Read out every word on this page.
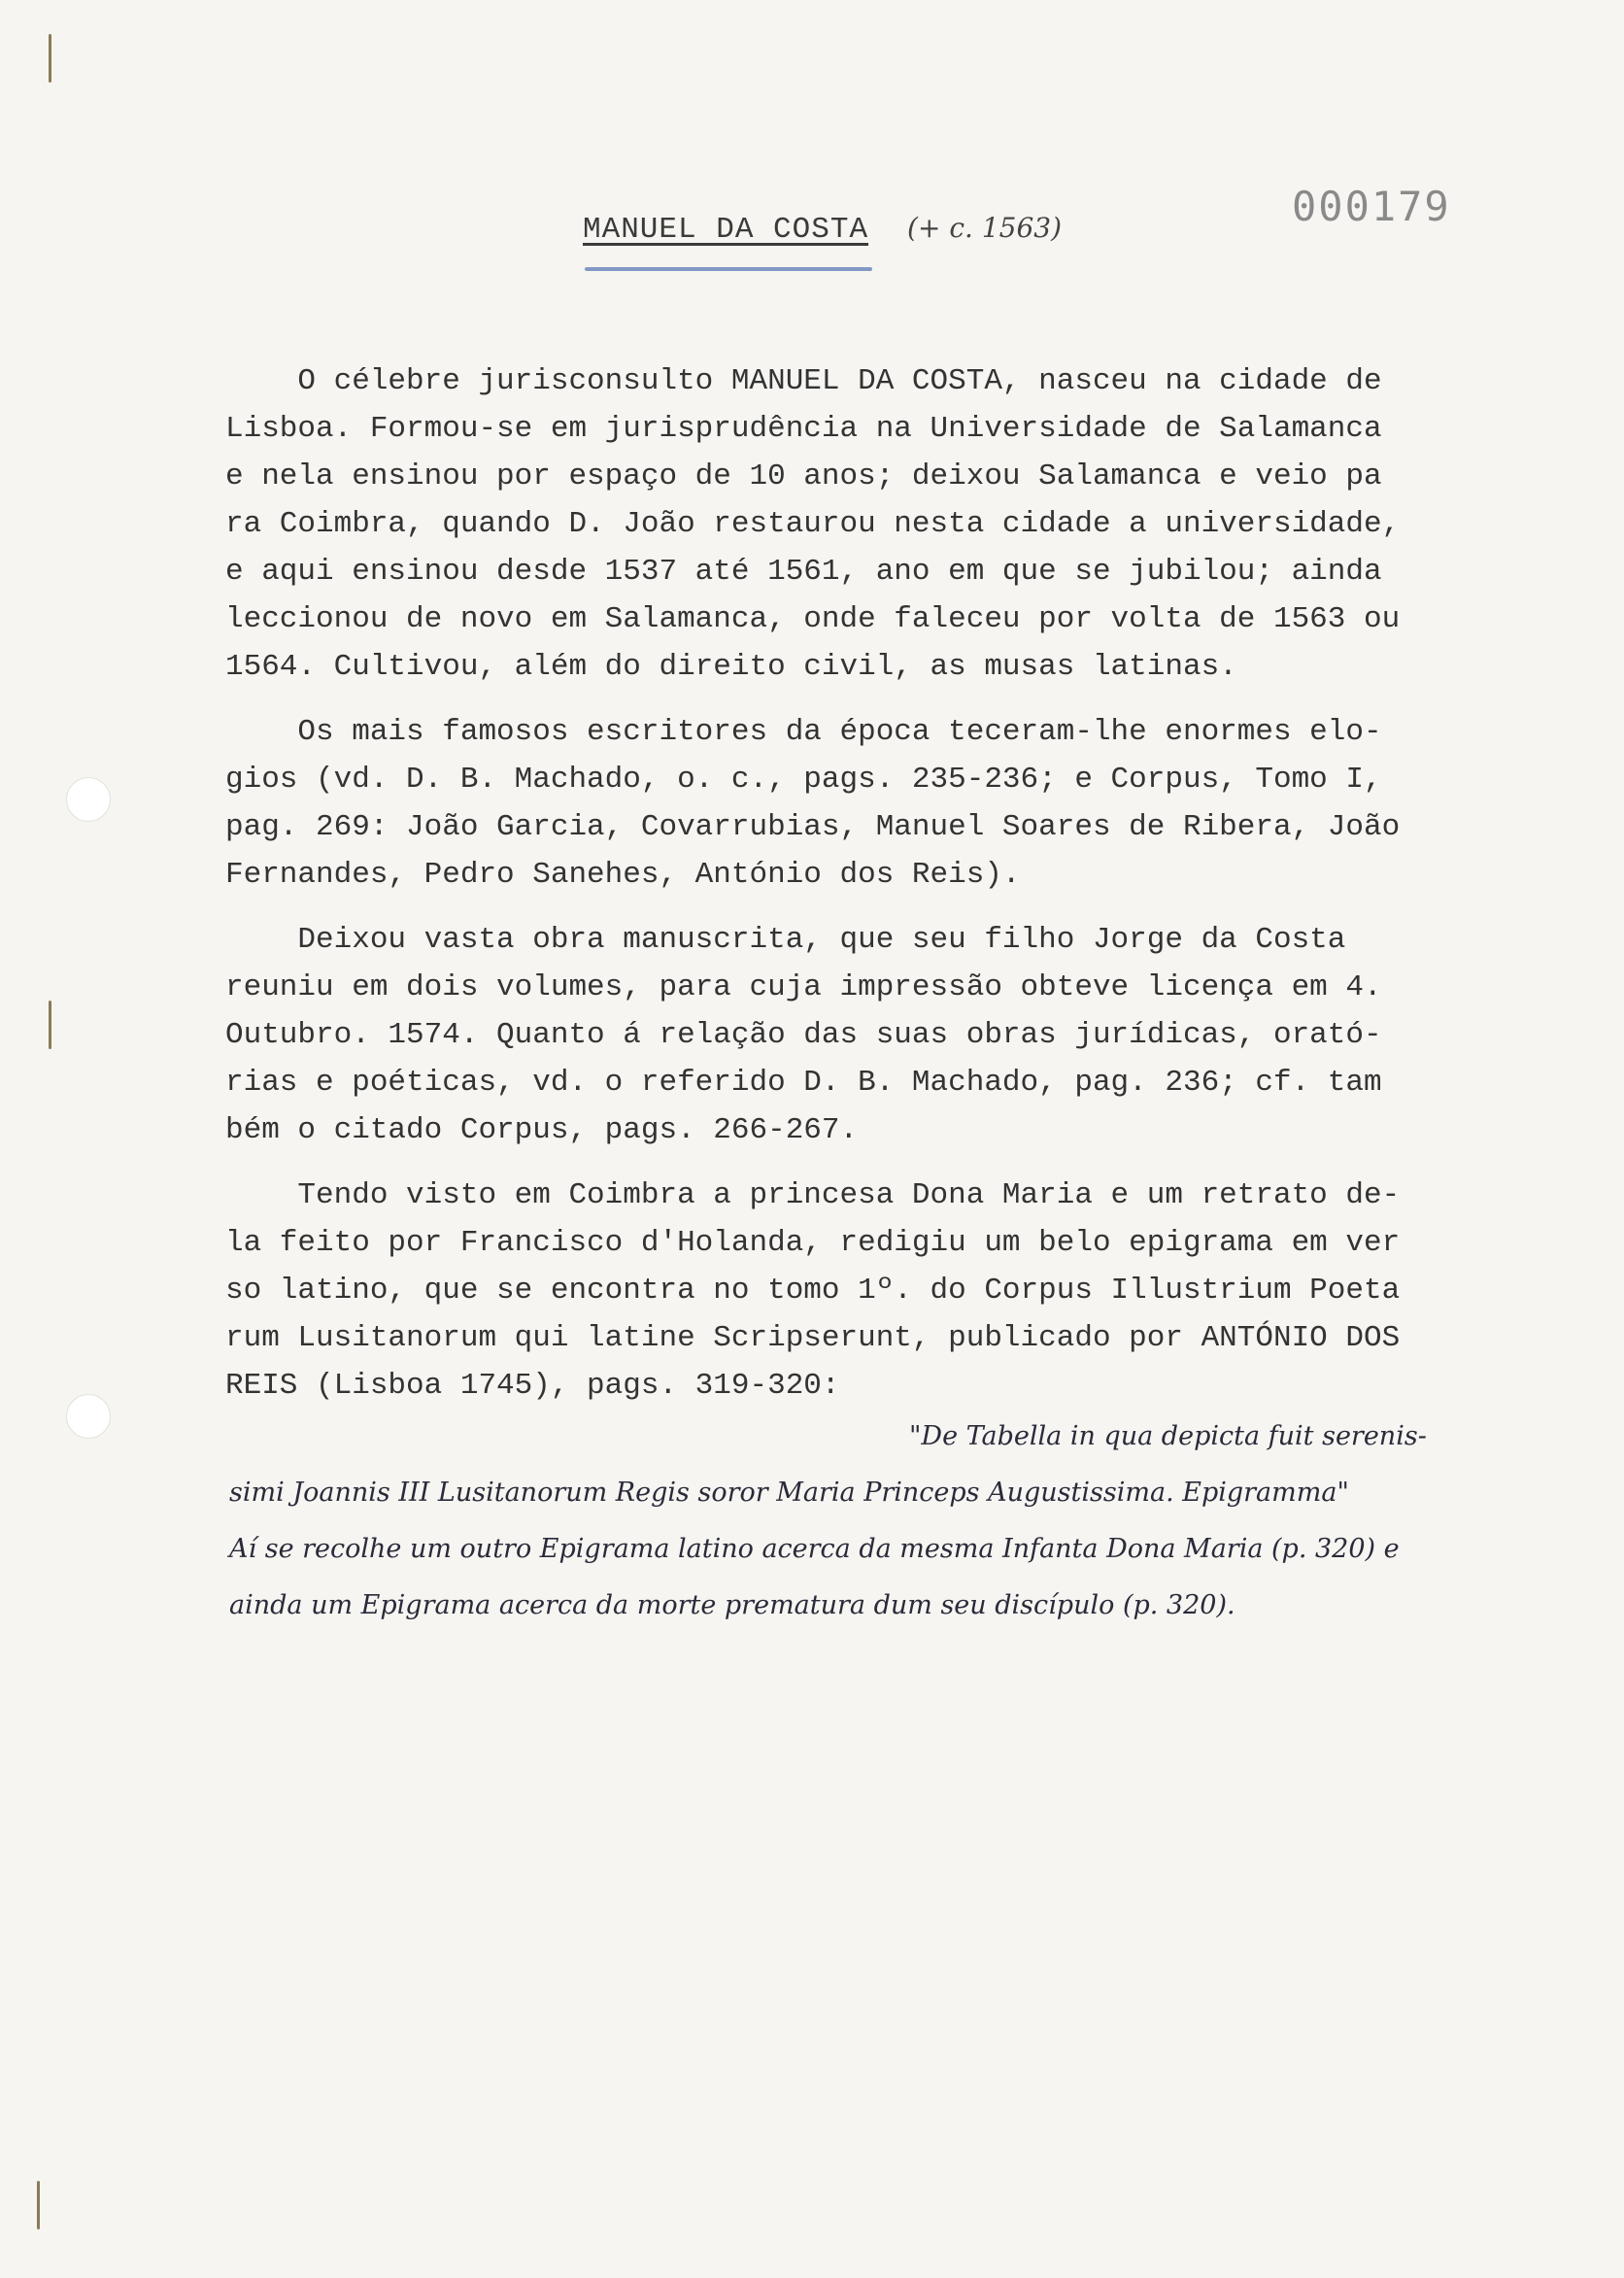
000179
MANUEL DA COSTA (+ c. 1563)

O célebre jurisconsulto MANUEL DA COSTA, nasceu na cidade de
Lisboa. Formou-se em jurisprudência na Universidade de Salamanca
e nela ensinou por espaço de 10 anos; deixou Salamanca e veio pa
ra Coimbra, quando D. João restaurou nesta cidade a universidade,
e aqui ensinou desde 1537 até 1561, ano em que se jubilou; ainda
leccionou de novo em Salamanca, onde faleceu por volta de 1563 ou
1564. Cultivou, além do direito civil, as musas latinas.

Os mais famosos escritores da época teceram-lhe enormes elo-
gios (vd. D. B. Machado, o. c., pags. 235-236; e Corpus, Tomo I,
pag. 269: João Garcia, Covarrubias, Manuel Soares de Ribera, João
Fernandes, Pedro Sanehes, António dos Reis).

Deixou vasta obra manuscrita, que seu filho Jorge da Costa
reuniu em dois volumes, para cuja impressão obteve licença em 4.
Outubro. 1574. Quanto á relação das suas obras jurídicas, orató-
rias e poéticas, vd. o referido D. B. Machado, pag. 236; cf. tam
bém o citado Corpus, pags. 266-267.

Tendo visto em Coimbra a princesa Dona Maria e um retrato de-
la feito por Francisco d'Holanda, redigiu um belo epigrama em ver
so latino, que se encontra no tomo 1º. do Corpus Illustrium Poeta
rum Lusitanorum qui latine Scripserunt, publicado por ANTÓNIO DOS
REIS (Lisboa 1745), pags. 319-320:

"De Tabella in qua depicta fuit serenis-
simi Joannis III Lusitanorum Regis soror Maria Princeps Augustissima. Epigramma"
Aí se recolhe um outro Epigrama latino acerca da mesma Infanta Dona Maria (p. 320) e
ainda um Epigrama acerca da morte prematura dum seu discípulo (p. 320).
